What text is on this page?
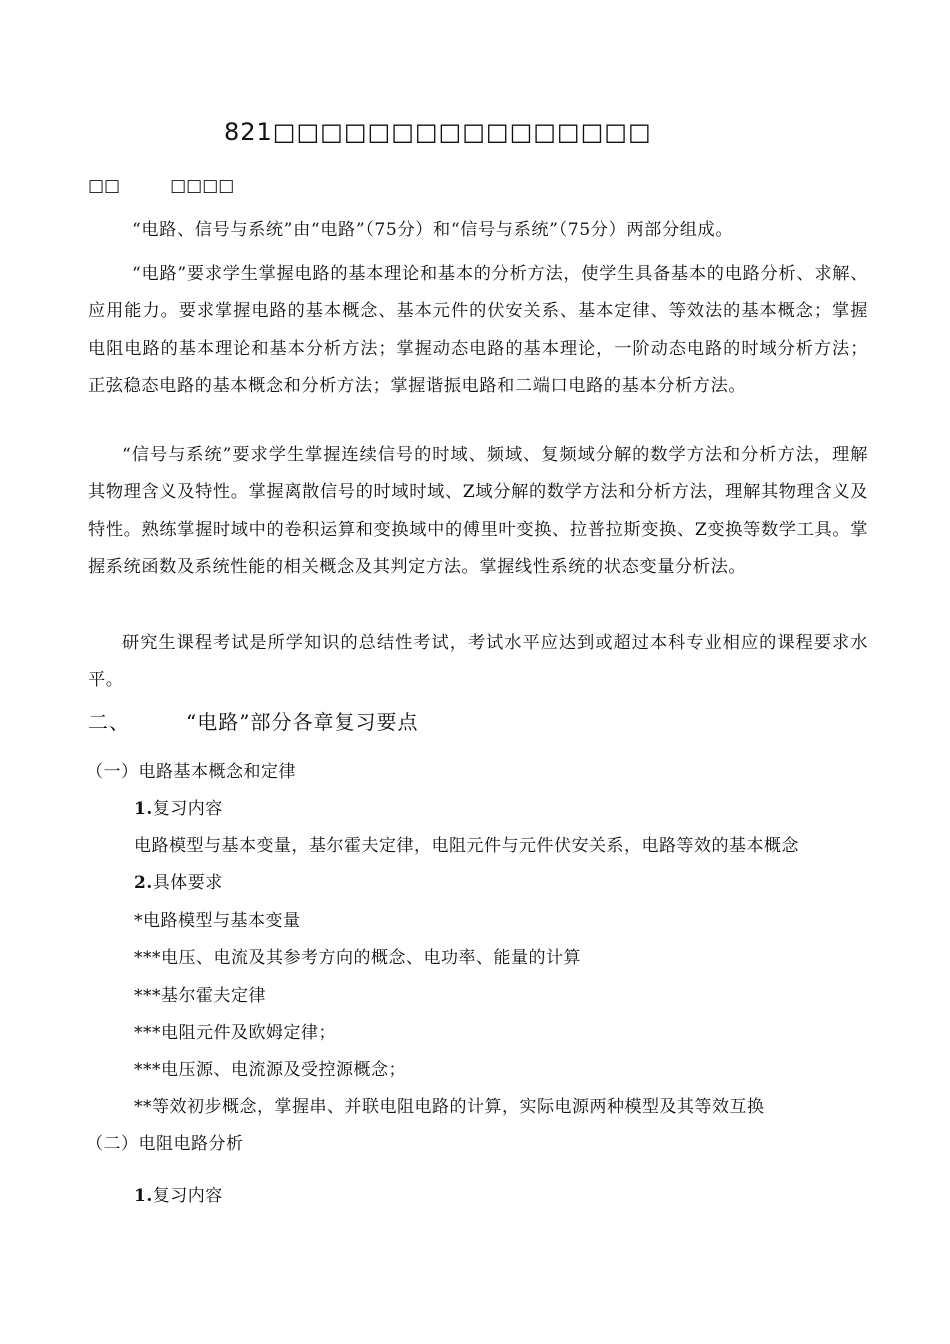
821□□□□□□□□□□□□□□□□
□□	□□□□

“电路、信号与系统”由“电路”（75分）和“信号与系统”（75分）两部分组成。

“电路”要求学生掌握电路的基本理论和基本的分析方法，使学生具备基本的电路分析、求解、应用能力。要求掌握电路的基本概念、基本元件的伏安关系、基本定律、等效法的基本概念；掌握电阻电路的基本理论和基本分析方法；掌握动态电路的基本理论，一阶动态电路的时域分析方法；正弦稳态电路的基本概念和分析方法；掌握谐振电路和二端口电路的基本分析方法。

“信号与系统”要求学生掌握连续信号的时域、频域、复频域分解的数学方法和分析方法，理解其物理含义及特性。掌握离散信号的时域时域、Z域分解的数学方法和分析方法，理解其物理含义及特性。熟练掌握时域中的卷积运算和变换域中的傅里叶变换、拉普拉斯变换、Z变换等数学工具。掌握系统函数及系统性能的相关概念及其判定方法。掌握线性系统的状态变量分析法。

研究生课程考试是所学知识的总结性考试，考试水平应达到或超过本科专业相应的课程要求水平。

二、	“电路”部分各章复习要点
（一）电路基本概念和定律
1.复习内容
电路模型与基本变量，基尔霍夫定律，电阻元件与元件伏安关系，电路等效的基本概念
2.具体要求
*电路模型与基本变量
***电压、电流及其参考方向的概念、电功率、能量的计算
***基尔霍夫定律
***电阻元件及欧姆定律；
***电压源、电流源及受控源概念；
**等效初步概念，掌握串、并联电阻电路的计算，实际电源两种模型及其等效互换
（二）电阻电路分析
1.复习内容
